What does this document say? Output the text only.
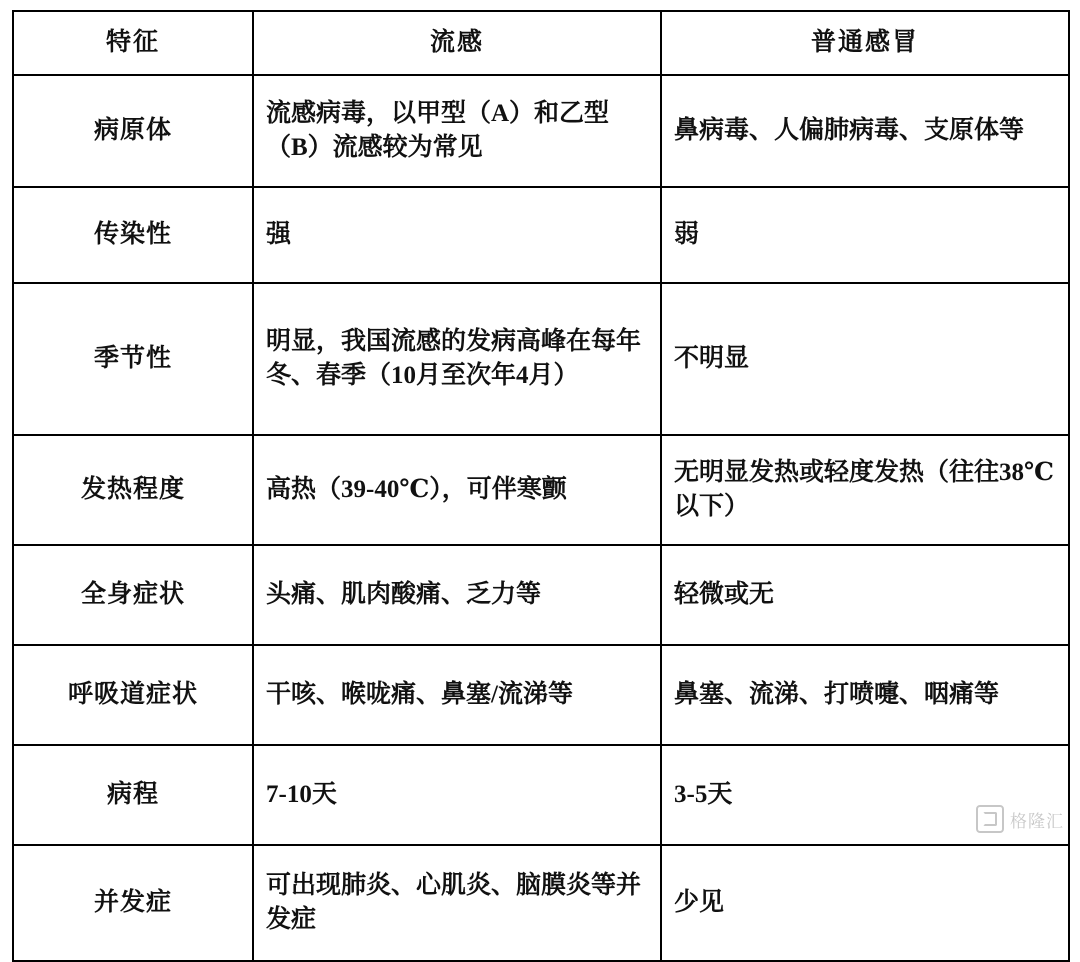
特征	流感	普通感冒
病原体	流感病毒，以甲型（A）和乙型（B）流感较为常见	鼻病毒、人偏肺病毒、支原体等
传染性	强	弱
季节性	明显，我国流感的发病高峰在每年冬、春季（10月至次年4月）	不明显
发热程度	高热（39-40℃），可伴寒颤	无明显发热或轻度发热（往往38℃以下）
全身症状	头痛、肌肉酸痛、乏力等	轻微或无
呼吸道症状	干咳、喉咙痛、鼻塞/流涕等	鼻塞、流涕、打喷嚏、咽痛等
病程	7-10天	3-5天
并发症	可出现肺炎、心肌炎、脑膜炎等并发症	少见
格隆汇
